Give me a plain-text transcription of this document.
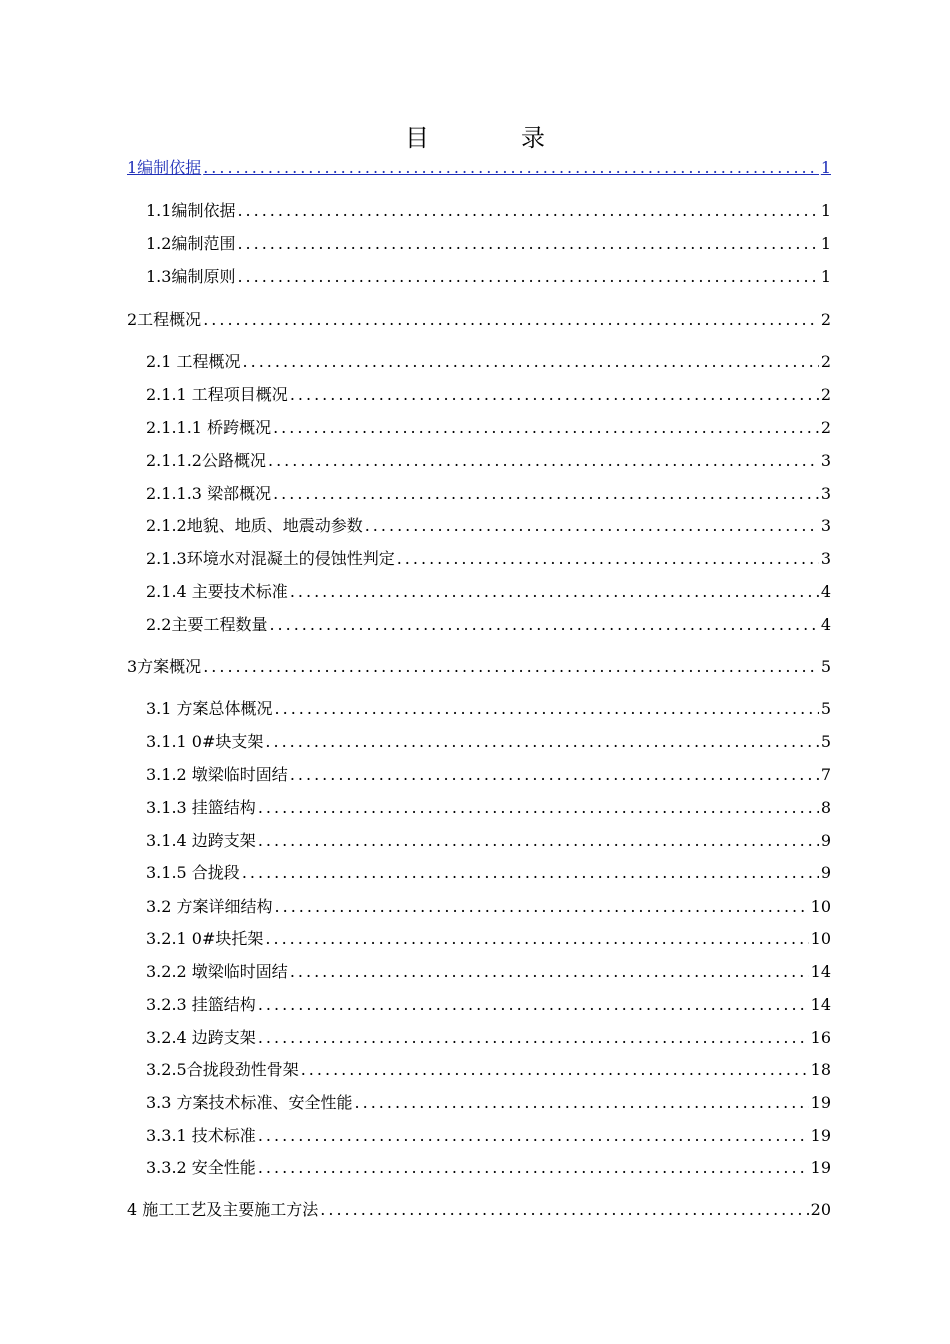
目　录
1编制依据 .....	1
1.1编制依据 .....	1
1.2编制范围 .....	1
1.3编制原则 .....	1
2工程概况 .....	2
2.1 工程概况 .....	2
2.1.1 工程项目概况 .....	2
2.1.1.1 桥跨概况 .....	2
2.1.1.2公路概况 .....	3
2.1.1.3 梁部概况 .....	3
2.1.2地貌、地质、地震动参数 .....	3
2.1.3环境水对混凝土的侵蚀性判定 .....	3
2.1.4 主要技术标准 .....	4
2.2主要工程数量 .....	4
3方案概况 .....	5
3.1 方案总体概况 .....	5
3.1.1 0#块支架 .....	5
3.1.2 墩梁临时固结 .....	7
3.1.3 挂篮结构 .....	8
3.1.4 边跨支架 .....	9
3.1.5 合拢段 .....	9
3.2 方案详细结构 .....	10
3.2.1 0#块托架 .....	10
3.2.2 墩梁临时固结 .....	14
3.2.3 挂篮结构 .....	14
3.2.4 边跨支架 .....	16
3.2.5合拢段劲性骨架 .....	18
3.3 方案技术标准、安全性能 .....	19
3.3.1 技术标准 .....	19
3.3.2 安全性能 .....	19
4 施工工艺及主要施工方法 .....	20
